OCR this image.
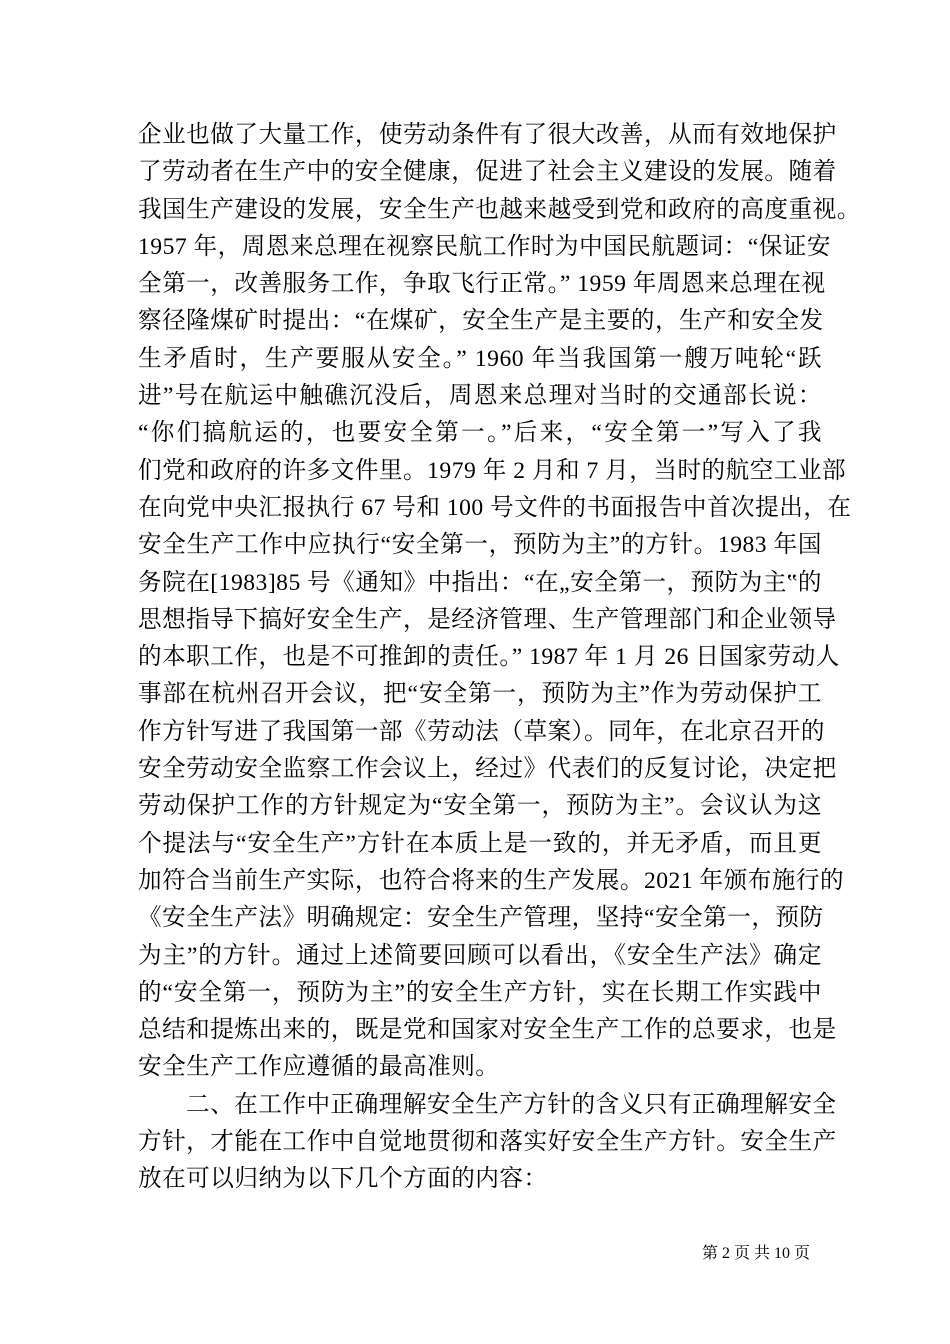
企业也做了大量工作，使劳动条件有了很大改善，从而有效地保护
了劳动者在生产中的安全健康，促进了社会主义建设的发展。随着
我国生产建设的发展，安全生产也越来越受到党和政府的高度重视。
1957 年，周恩来总理在视察民航工作时为中国民航题词：“保证安
全第一，改善服务工作，争取飞行正常。” 1959 年周恩来总理在视
察径隆煤矿时提出：“在煤矿，安全生产是主要的，生产和安全发
生矛盾时，生产要服从安全。” 1960 年当我国第一艘万吨轮“跃
进”号在航运中触礁沉没后，周恩来总理对当时的交通部长说：
“你们搞航运的，也要安全第一。”后来，“安全第一”写入了我
们党和政府的许多文件里。1979 年 2 月和 7 月，当时的航空工业部
在向党中央汇报执行 67 号和 100 号文件的书面报告中首次提出，在
安全生产工作中应执行“安全第一，预防为主”的方针。1983 年国
务院在[1983]85 号《通知》中指出：“在„安全第一，预防为主‟的
思想指导下搞好安全生产，是经济管理、生产管理部门和企业领导
的本职工作，也是不可推卸的责任。” 1987 年 1 月 26 日国家劳动人
事部在杭州召开会议，把“安全第一，预防为主”作为劳动保护工
作方针写进了我国第一部《劳动法（草案）。同年，在北京召开的
安全劳动安全监察工作会议上，经过》代表们的反复讨论，决定把
劳动保护工作的方针规定为“安全第一，预防为主”。会议认为这
个提法与“安全生产”方针在本质上是一致的，并无矛盾，而且更
加符合当前生产实际，也符合将来的生产发展。2021 年颁布施行的
《安全生产法》明确规定：安全生产管理，坚持“安全第一，预防
为主”的方针。通过上述简要回顾可以看出，《安全生产法》确定
的“安全第一，预防为主”的安全生产方针，实在长期工作实践中
总结和提炼出来的，既是党和国家对安全生产工作的总要求，也是
安全生产工作应遵循的最高准则。
二、在工作中正确理解安全生产方针的含义只有正确理解安全
方针，才能在工作中自觉地贯彻和落实好安全生产方针。安全生产
放在可以归纳为以下几个方面的内容：
第 2 页 共 10 页
